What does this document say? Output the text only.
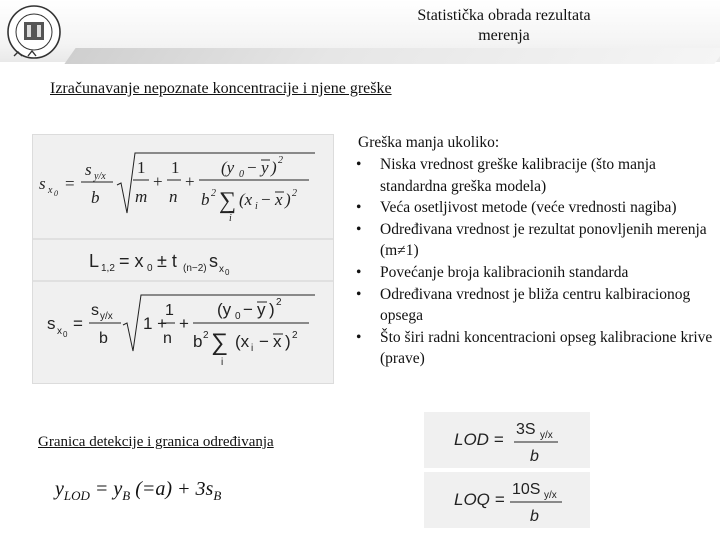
Statistička obrada rezultata
merenja
Izračunavanje nepoznate koncentracije i njene greške
s x 0
=
s y/x
b
1
m
+
1
n
+
(y 0 − y ) 2
b 2 ∑
i
(x i − x ) 2
L 1,2 = x 0 ± t (n−2) s x 0
s x 0
=
s y/x
b
1 +
1
n
+
(y 0 − y ) 2
b 2 ∑
i
(x i − x ) 2
Greška manja ukoliko:
• Niska vrednost greške kalibracije (što manja standardna greška modela)
• Veća osetljivost metode (veće vrednosti nagiba)
• Određivana vrednost je rezultat ponovljenih merenja (m≠1)
• Povećanje broja kalibracionih standarda
• Određivana vrednost je bliža centru kalbiracionog opsega
• Što širi radni koncentracioni opseg kalibracione krive (prave)
Granica detekcije i granica određivanja
$y_{LOD} = y_B$ $(=a) + 3s_B$
LOD =
3S y/x
b
LOQ =
10S y/x
b
